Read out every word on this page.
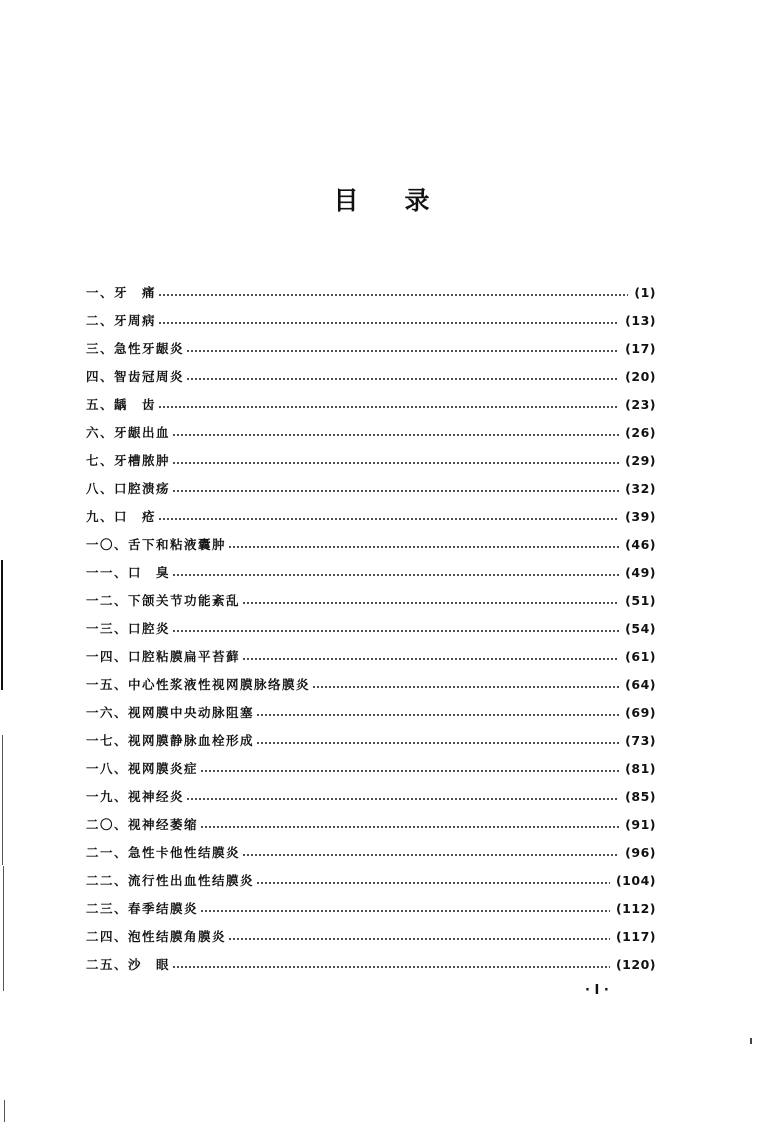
目 录
一、牙　痛	(1)
二、牙周病	(13)
三、急性牙龈炎	(17)
四、智齿冠周炎	(20)
五、龋　齿	(23)
六、牙龈出血	(26)
七、牙槽脓肿	(29)
八、口腔溃疡	(32)
九、口　疮	(39)
一〇、舌下和粘液囊肿	(46)
一一、口　臭	(49)
一二、下颌关节功能紊乱	(51)
一三、口腔炎	(54)
一四、口腔粘膜扁平苔藓	(61)
一五、中心性浆液性视网膜脉络膜炎	(64)
一六、视网膜中央动脉阻塞	(69)
一七、视网膜静脉血栓形成	(73)
一八、视网膜炎症	(81)
一九、视神经炎	(85)
二〇、视神经萎缩	(91)
二一、急性卡他性结膜炎	(96)
二二、流行性出血性结膜炎	(104)
二三、春季结膜炎	(112)
二四、泡性结膜角膜炎	(117)
二五、沙　眼	(120)
· I ·
